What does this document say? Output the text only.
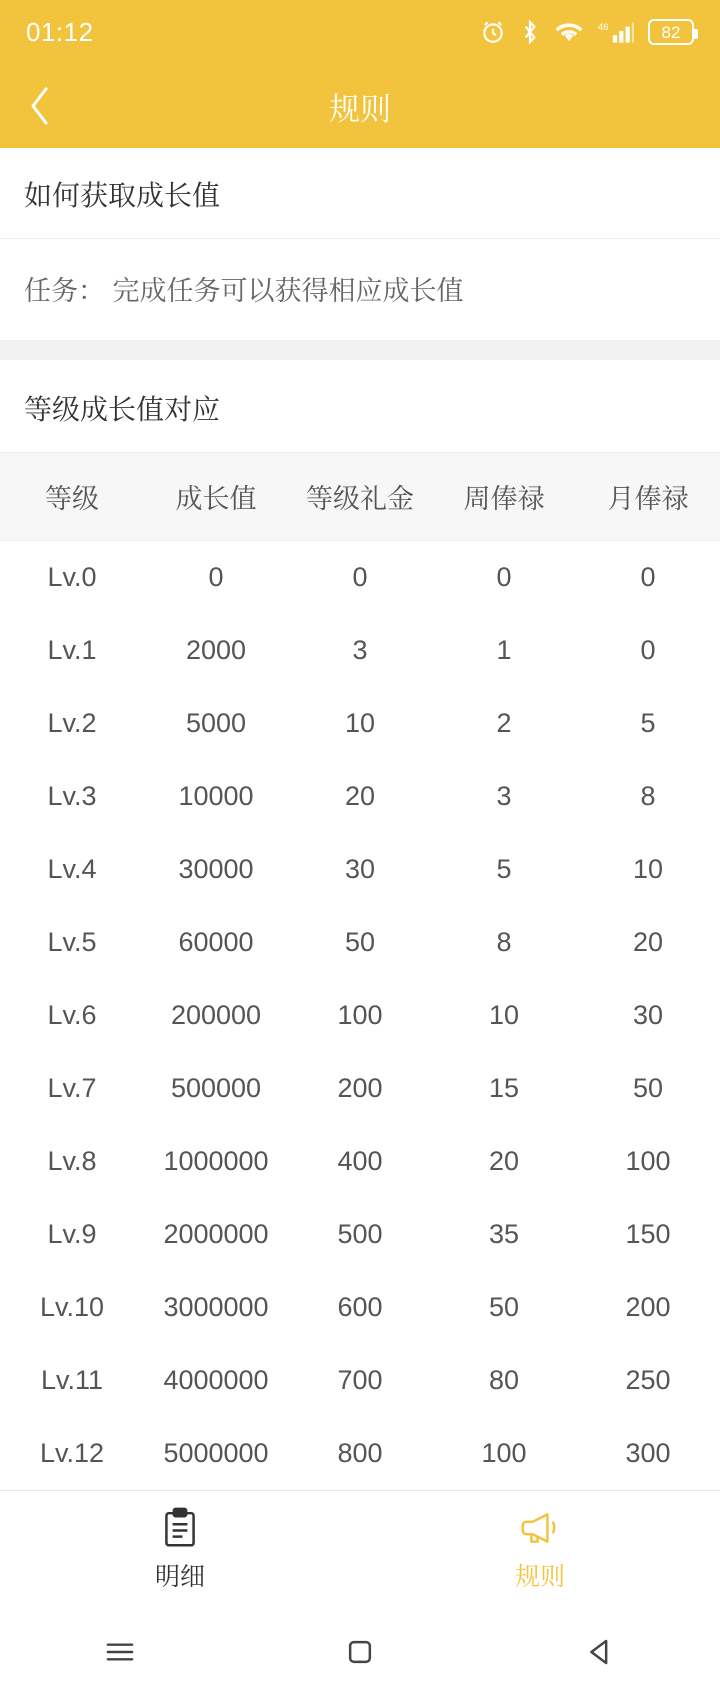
01:12	46	82
规则
如何获取成长值
任务： 完成任务可以获得相应成长值
等级成长值对应
等级	成长值	等级礼金	周俸禄	月俸禄
Lv.0	0	0	0	0
Lv.1	2000	3	1	0
Lv.2	5000	10	2	5
Lv.3	10000	20	3	8
Lv.4	30000	30	5	10
Lv.5	60000	50	8	20
Lv.6	200000	100	10	30
Lv.7	500000	200	15	50
Lv.8	1000000	400	20	100
Lv.9	2000000	500	35	150
Lv.10	3000000	600	50	200
Lv.11	4000000	700	80	250
Lv.12	5000000	800	100	300
明细	规则
